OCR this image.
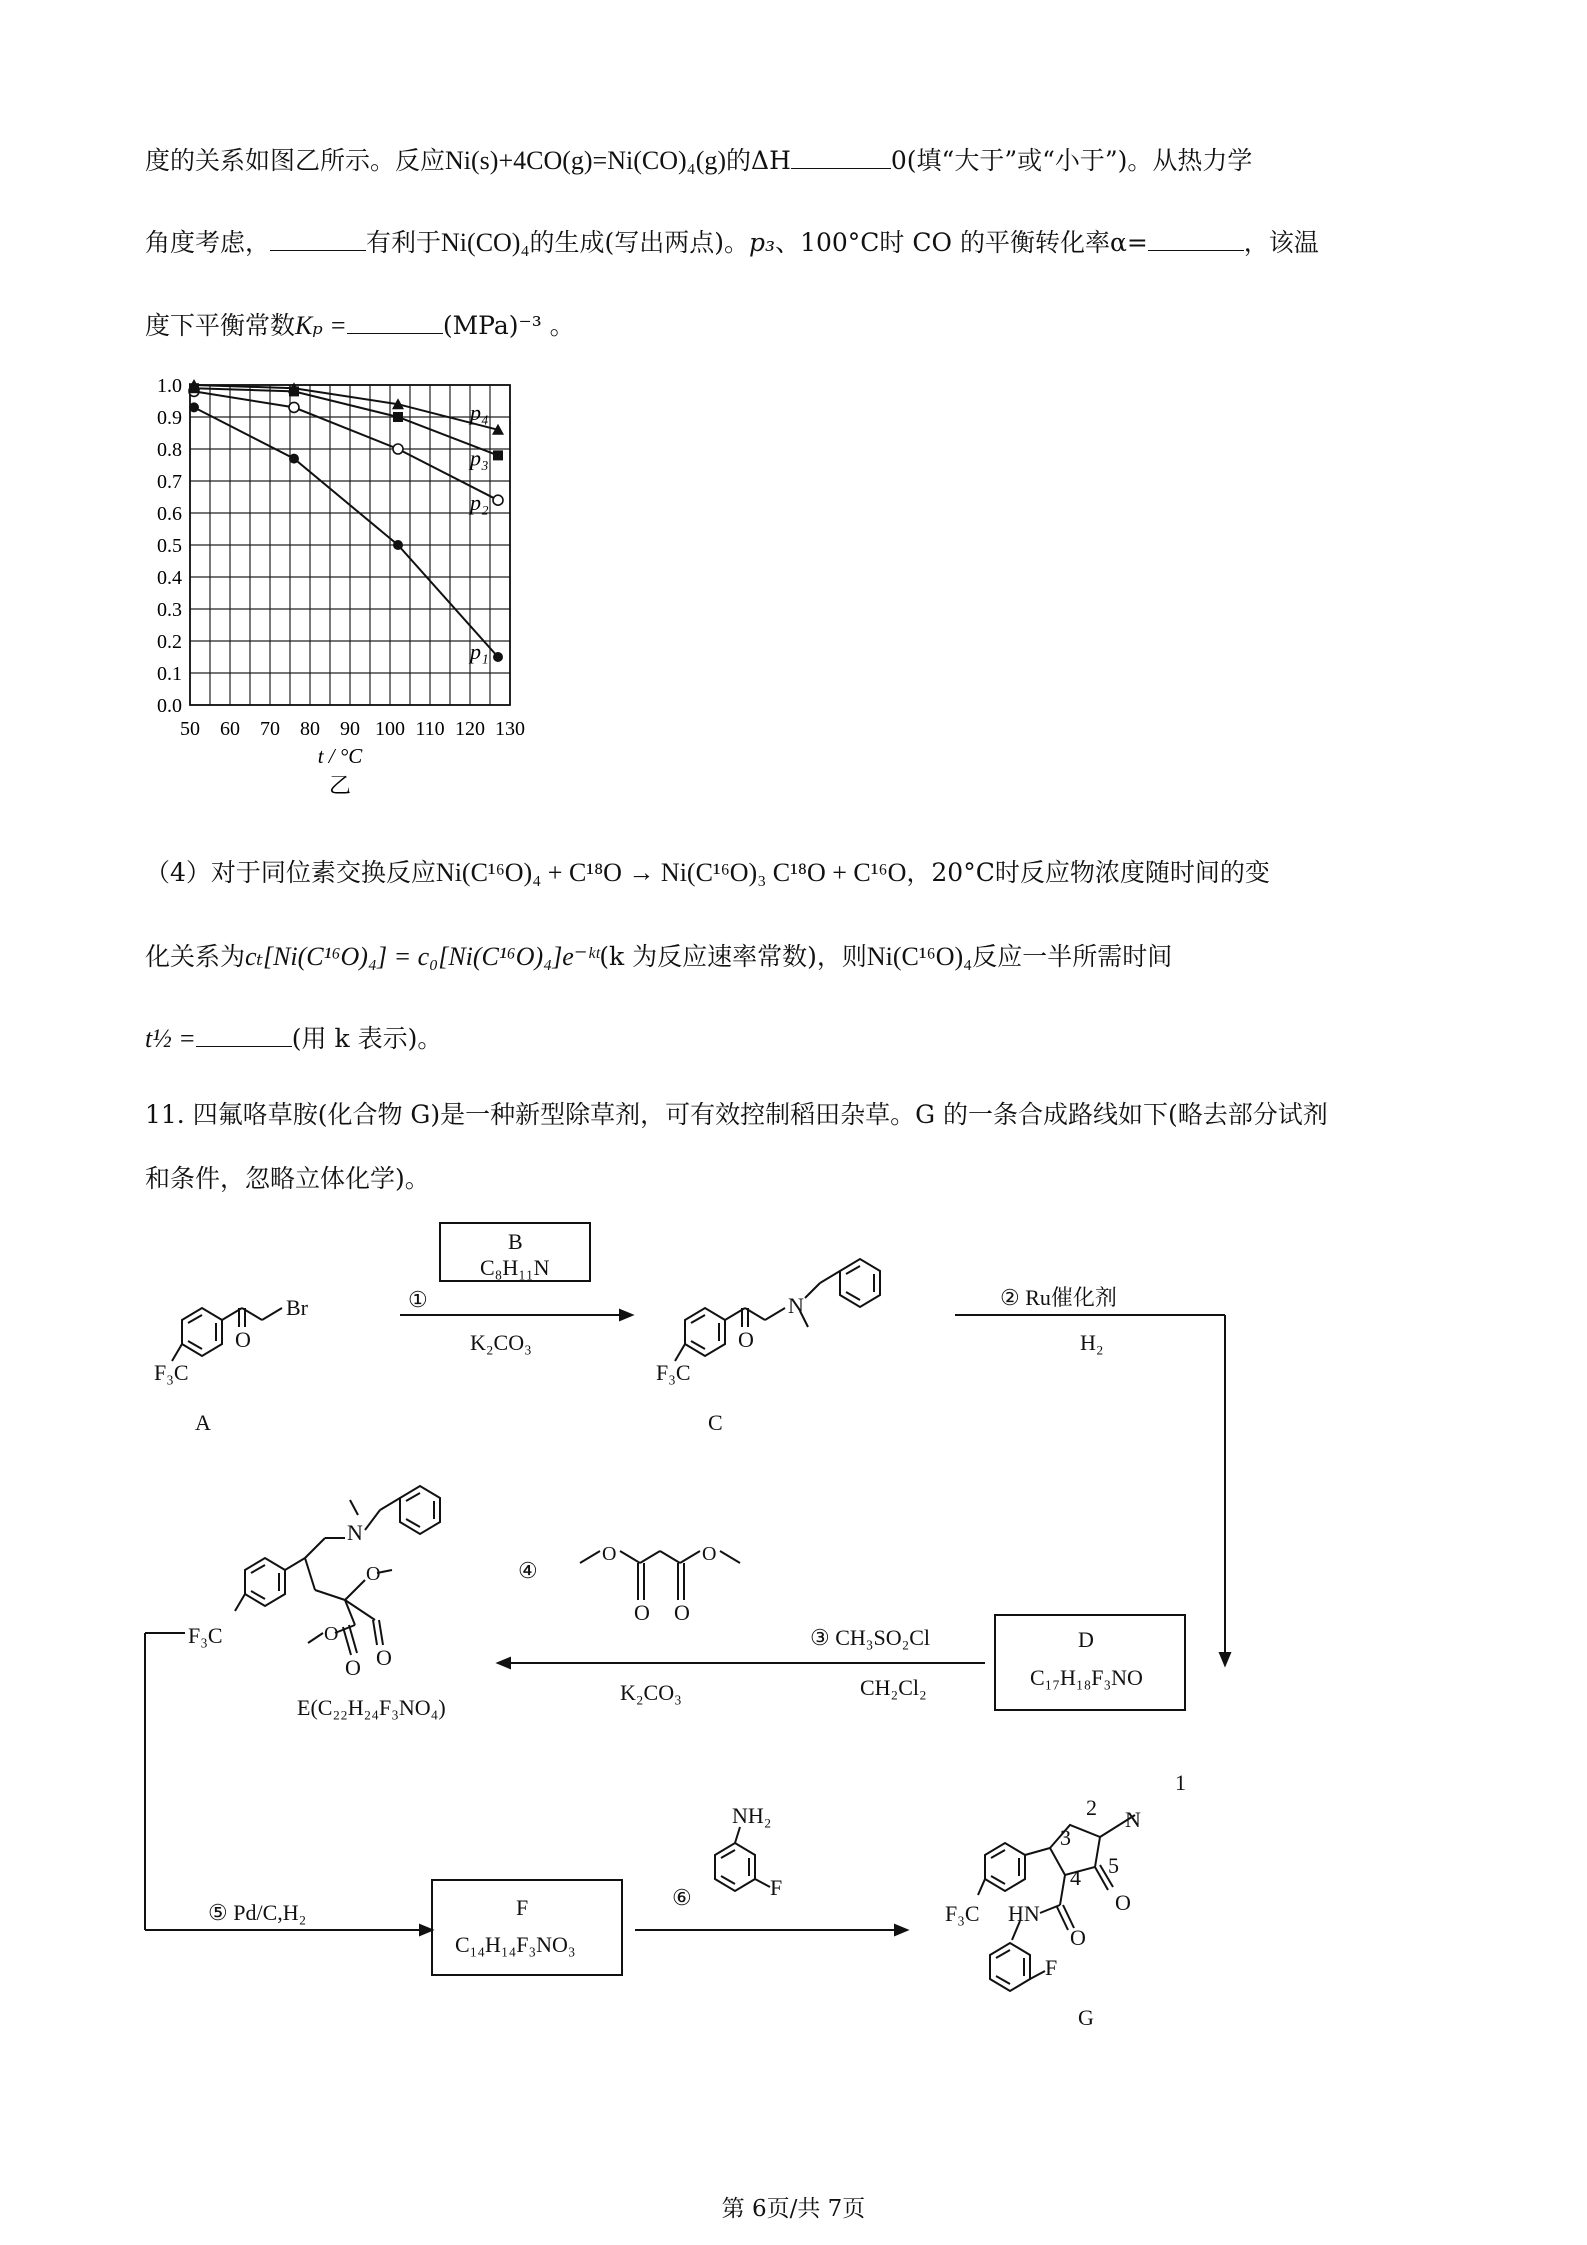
度的关系如图乙所示。反应Ni(s)+4CO(g)=Ni(CO)₄(g)的ΔH	0(填“大于”或“小于”)。从热力学
角度考虑，	有利于Ni(CO)₄的生成(写出两点)。p₃、100°C时 CO 的平衡转化率α=	，该温
度下平衡常数Kₚ =	(MPa)⁻³ 。
0.0
0.1
0.2
0.3
0.4
0.5
0.6
0.7
0.8
0.9
1.0
50 60 70 80 90 100 110 120 130
t / °C
乙
p₁
p₂
p₃
p₄
（4）对于同位素交换反应Ni(C¹⁶O)₄ + C¹⁸O → Ni(C¹⁶O)₃ C¹⁸O + C¹⁶O，20°C时反应物浓度随时间的变
化关系为cₜ[Ni(C¹⁶O)₄] = c₀[Ni(C¹⁶O)₄]e⁻ᵏᵗ(k 为反应速率常数)，则Ni(C¹⁶O)₄反应一半所需时间
t½ =	(用 k 表示)。
11. 四氟咯草胺(化合物 G)是一种新型除草剂，可有效控制稻田杂草。G 的一条合成路线如下(略去部分试剂
和条件，忽略立体化学)。
Br
O
F₃C
A
①
B
C₈H₁₁N
K₂CO₃
N
O
F₃C
C
② Ru催化剂
H₂
D
C₁₇H₁₈F₃NO
③ CH₃SO₂Cl
CH₂Cl₂
④
O	O
O O
K₂CO₃
N
O
O
O O
F₃C
E(C₂₂H₂₄F₃NO₄)
⑤ Pd/C,H₂	F
C₁₄H₁₄F₃NO₃
⑥
NH₂
F
N
1
2
3
4 5
O
O
HN
F₃C
F
G
第 6页/共 7页
